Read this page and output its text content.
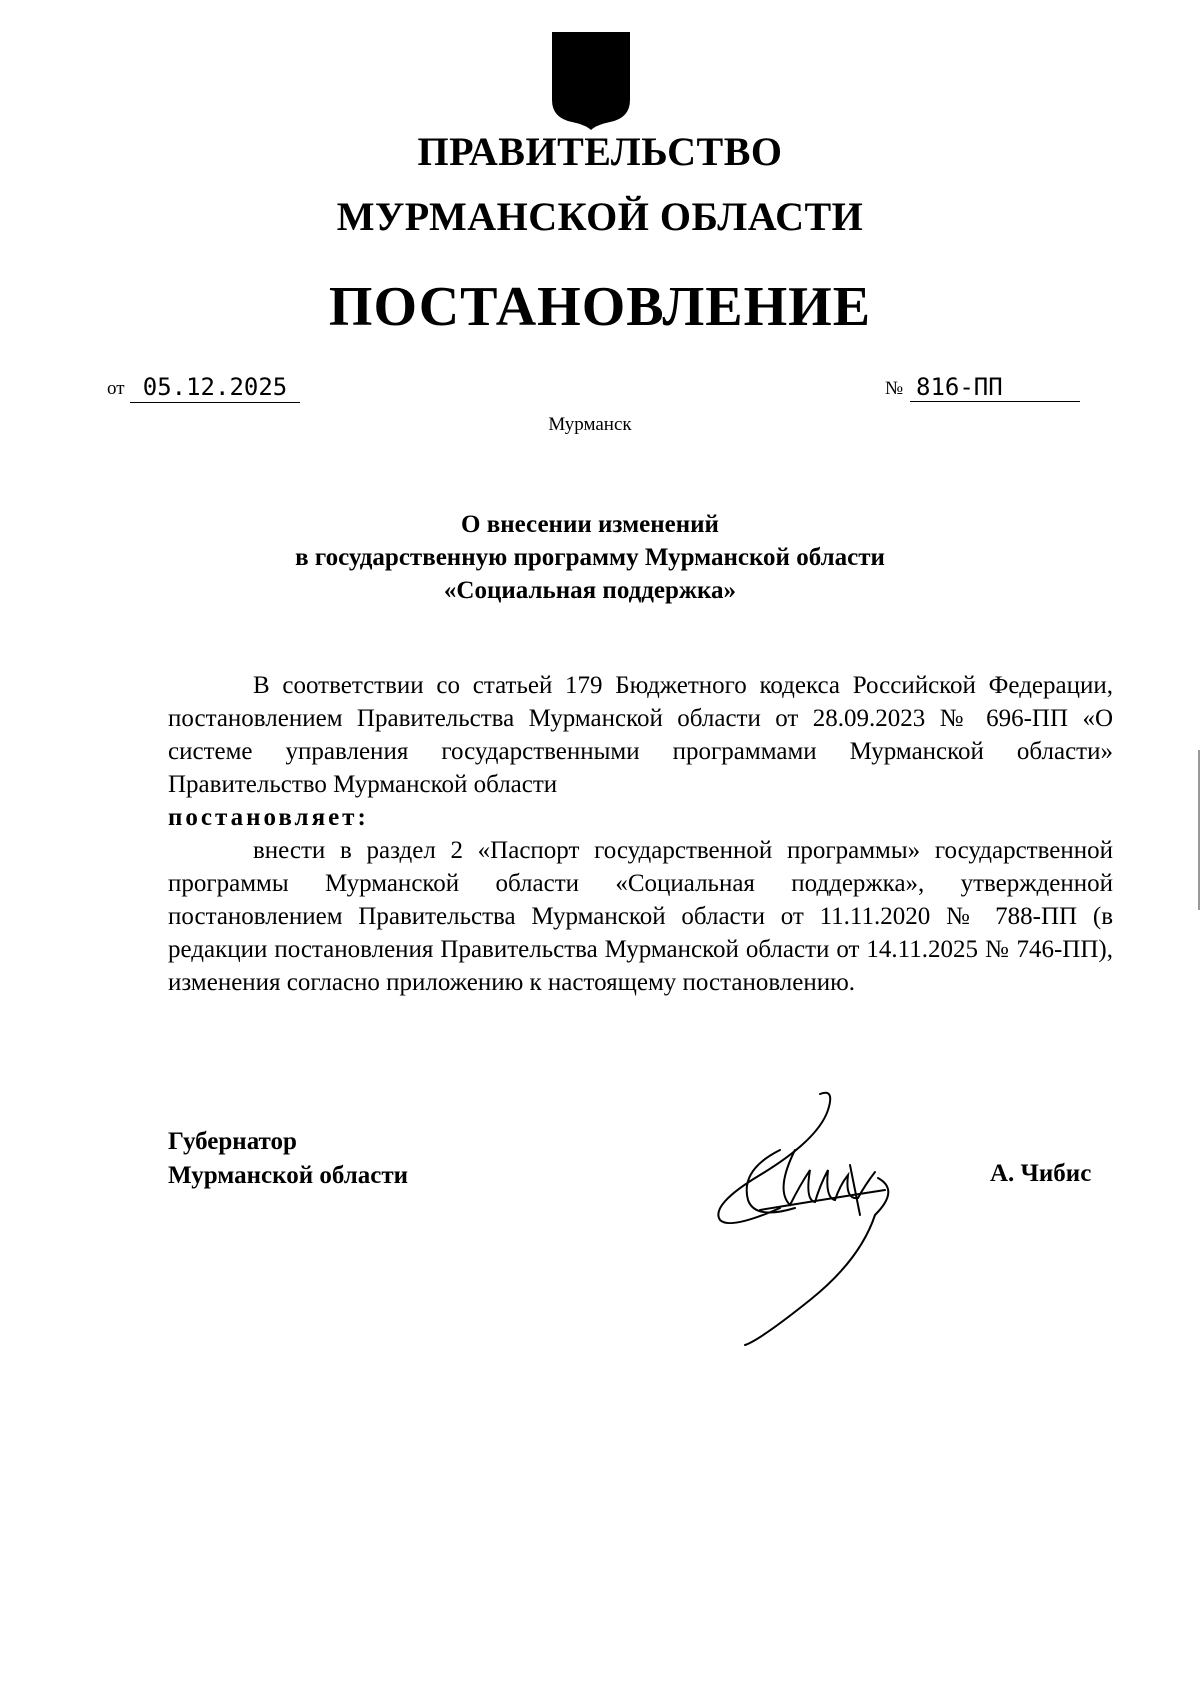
ПРАВИТЕЛЬСТВО
МУРМАНСКОЙ ОБЛАСТИ
ПОСТАНОВЛЕНИЕ
от 05.12.2025	№ 816-ПП
Мурманск
О внесении изменений
в государственную программу Мурманской области
«Социальная поддержка»

В соответствии со статьей 179 Бюджетного кодекса Российской Федерации, постановлением Правительства Мурманской области от 28.09.2023 № 696-ПП «О системе управления государственными программами Мурманской области» Правительство Мурманской области

постановляет:

внести в раздел 2 «Паспорт государственной программы» государственной программы Мурманской области «Социальная поддержка», утвержденной постановлением Правительства Мурманской области от 11.11.2020 № 788-ПП (в редакции постановления Правительства Мурманской области от 14.11.2025 № 746-ПП), изменения согласно приложению к настоящему постановлению.

Губернатор
Мурманской области	А. Чибис
